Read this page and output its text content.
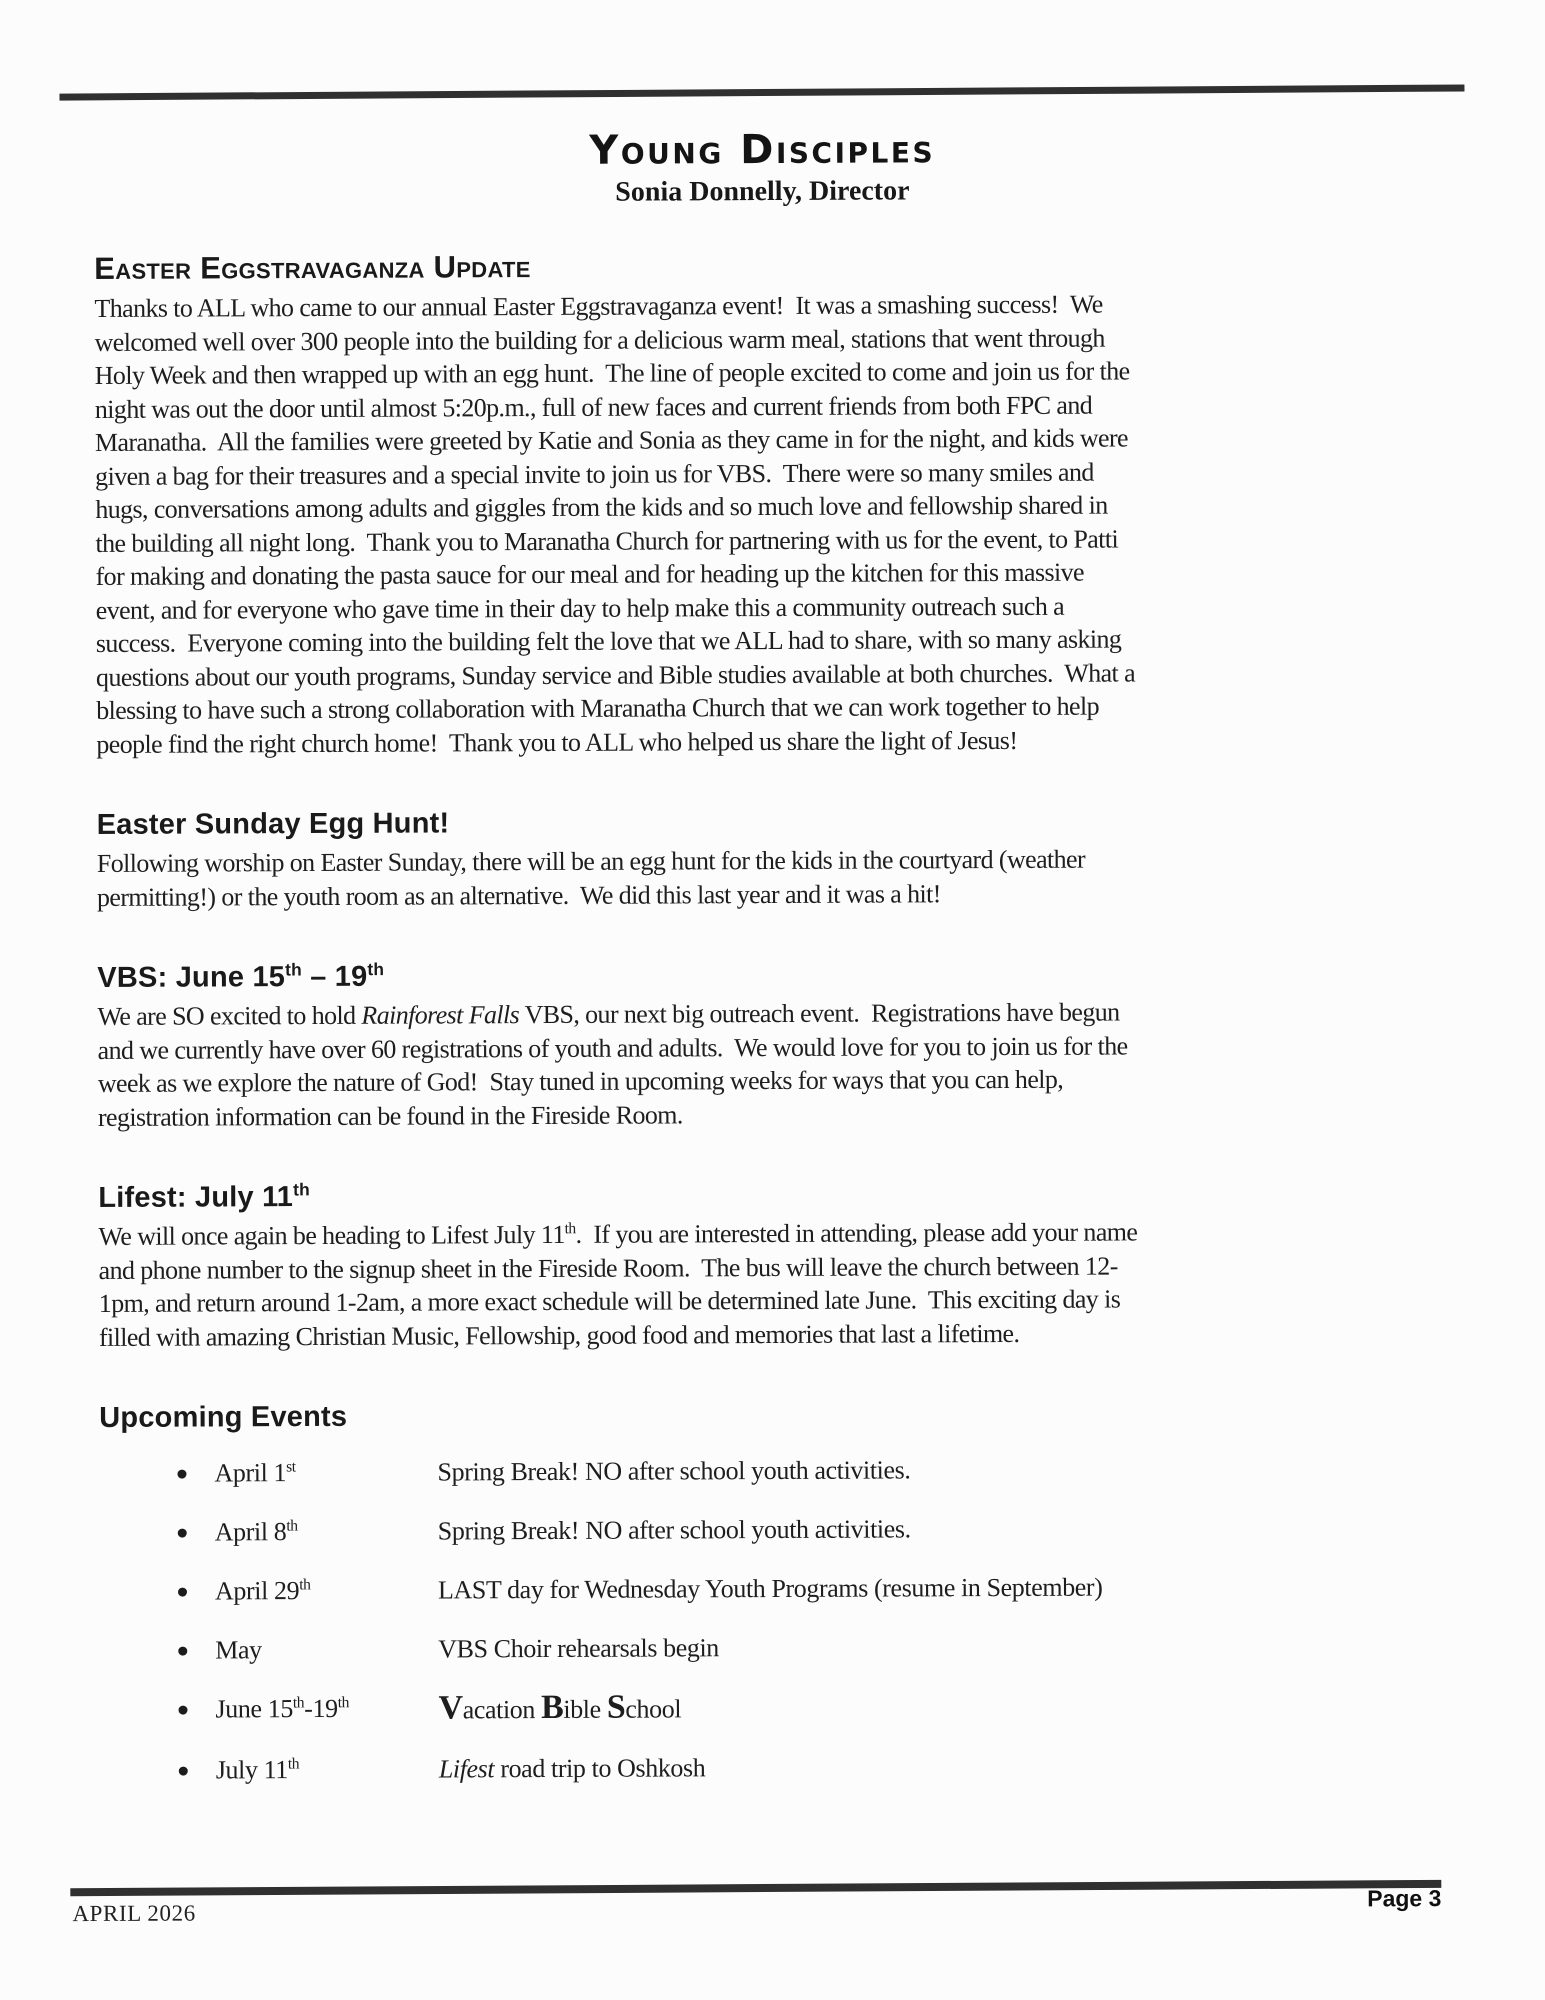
Young Disciples
Sonia Donnelly, Director
Easter Eggstravaganza Update

Thanks to ALL who came to our annual Easter Eggstravaganza event!  It was a smashing success!  We welcomed well over 300 people into the building for a delicious warm meal, stations that went through Holy Week and then wrapped up with an egg hunt.  The line of people excited to come and join us for the night was out the door until almost 5:20p.m., full of new faces and current friends from both FPC and Maranatha.  All the families were greeted by Katie and Sonia as they came in for the night, and kids were given a bag for their treasures and a special invite to join us for VBS.  There were so many smiles and hugs, conversations among adults and giggles from the kids and so much love and fellowship shared in the building all night long.  Thank you to Maranatha Church for partnering with us for the event, to Patti for making and donating the pasta sauce for our meal and for heading up the kitchen for this massive event, and for everyone who gave time in their day to help make this a community outreach such a success.  Everyone coming into the building felt the love that we ALL had to share, with so many asking questions about our youth programs, Sunday service and Bible studies available at both churches.  What a blessing to have such a strong collaboration with Maranatha Church that we can work together to help people find the right church home!  Thank you to ALL who helped us share the light of Jesus!

Easter Sunday Egg Hunt!

Following worship on Easter Sunday, there will be an egg hunt for the kids in the courtyard (weather permitting!) or the youth room as an alternative.  We did this last year and it was a hit!

VBS: June 15th – 19th

We are SO excited to hold Rainforest Falls VBS, our next big outreach event.  Registrations have begun and we currently have over 60 registrations of youth and adults.  We would love for you to join us for the week as we explore the nature of God!  Stay tuned in upcoming weeks for ways that you can help, registration information can be found in the Fireside Room.

Lifest: July 11th

We will once again be heading to Lifest July 11th.  If you are interested in attending, please add your name and phone number to the signup sheet in the Fireside Room.  The bus will leave the church between 12-1pm, and return around 1-2am, a more exact schedule will be determined late June.  This exciting day is filled with amazing Christian Music, Fellowship, good food and memories that last a lifetime.

Upcoming Events
April 1st	Spring Break! NO after school youth activities.
April 8th	Spring Break! NO after school youth activities.
April 29th	LAST day for Wednesday Youth Programs (resume in September)
May	VBS Choir rehearsals begin
June 15th-19th	Vacation Bible School
July 11th	Lifest road trip to Oshkosh
APRIL 2026
Page 3
